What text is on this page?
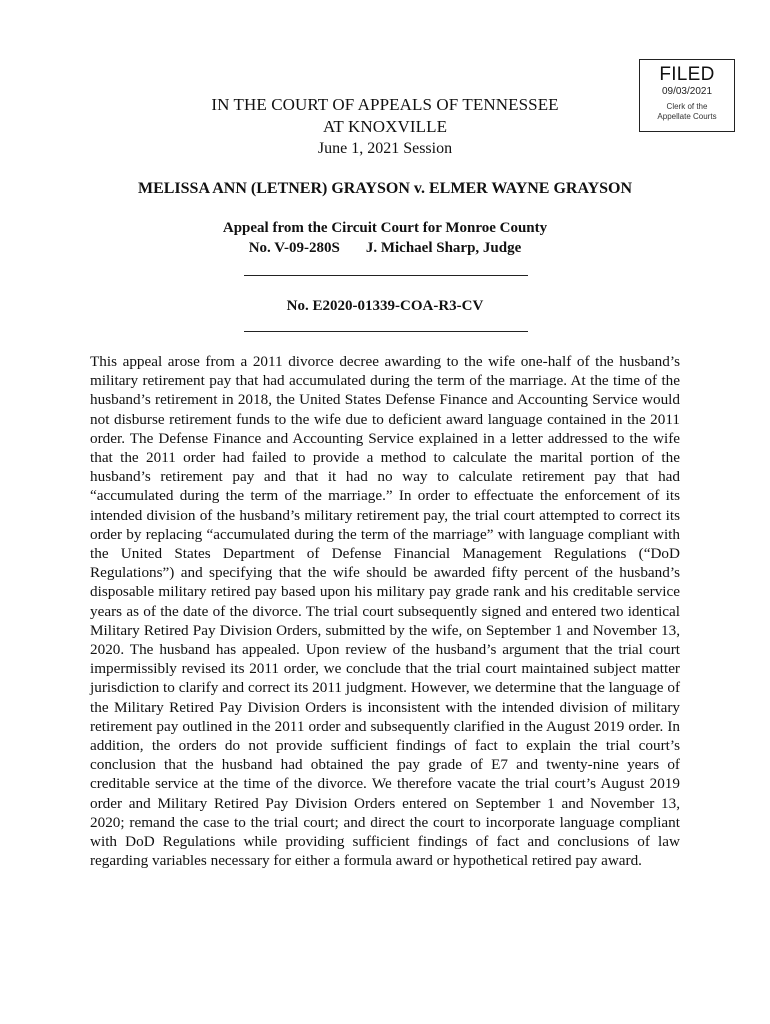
FILED
09/03/2021
Clerk of the
Appellate Courts
IN THE COURT OF APPEALS OF TENNESSEE
AT KNOXVILLE
June 1, 2021 Session
MELISSA ANN (LETNER) GRAYSON v. ELMER WAYNE GRAYSON
Appeal from the Circuit Court for Monroe County
No. V-09-280S J. Michael Sharp, Judge
No. E2020-01339-COA-R3-CV
This appeal arose from a 2011 divorce decree awarding to the wife one-half of the husband’s military retirement pay that had accumulated during the term of the marriage. At the time of the husband’s retirement in 2018, the United States Defense Finance and Accounting Service would not disburse retirement funds to the wife due to deficient award language contained in the 2011 order. The Defense Finance and Accounting Service explained in a letter addressed to the wife that the 2011 order had failed to provide a method to calculate the marital portion of the husband’s retirement pay and that it had no way to calculate retirement pay that had “accumulated during the term of the marriage.” In order to effectuate the enforcement of its intended division of the husband’s military retirement pay, the trial court attempted to correct its order by replacing “accumulated during the term of the marriage” with language compliant with the United States Department of Defense Financial Management Regulations (“DoD Regulations”) and specifying that the wife should be awarded fifty percent of the husband’s disposable military retired pay based upon his military pay grade rank and his creditable service years as of the date of the divorce. The trial court subsequently signed and entered two identical Military Retired Pay Division Orders, submitted by the wife, on September 1 and November 13, 2020. The husband has appealed. Upon review of the husband’s argument that the trial court impermissibly revised its 2011 order, we conclude that the trial court maintained subject matter jurisdiction to clarify and correct its 2011 judgment. However, we determine that the language of the Military Retired Pay Division Orders is inconsistent with the intended division of military retirement pay outlined in the 2011 order and subsequently clarified in the August 2019 order. In addition, the orders do not provide sufficient findings of fact to explain the trial court’s conclusion that the husband had obtained the pay grade of E7 and twenty-nine years of creditable service at the time of the divorce. We therefore vacate the trial court’s August 2019 order and Military Retired Pay Division Orders entered on September 1 and November 13, 2020; remand the case to the trial court; and direct the court to incorporate language compliant with DoD Regulations while providing sufficient findings of fact and conclusions of law regarding variables necessary for either a formula award or hypothetical retired pay award.
